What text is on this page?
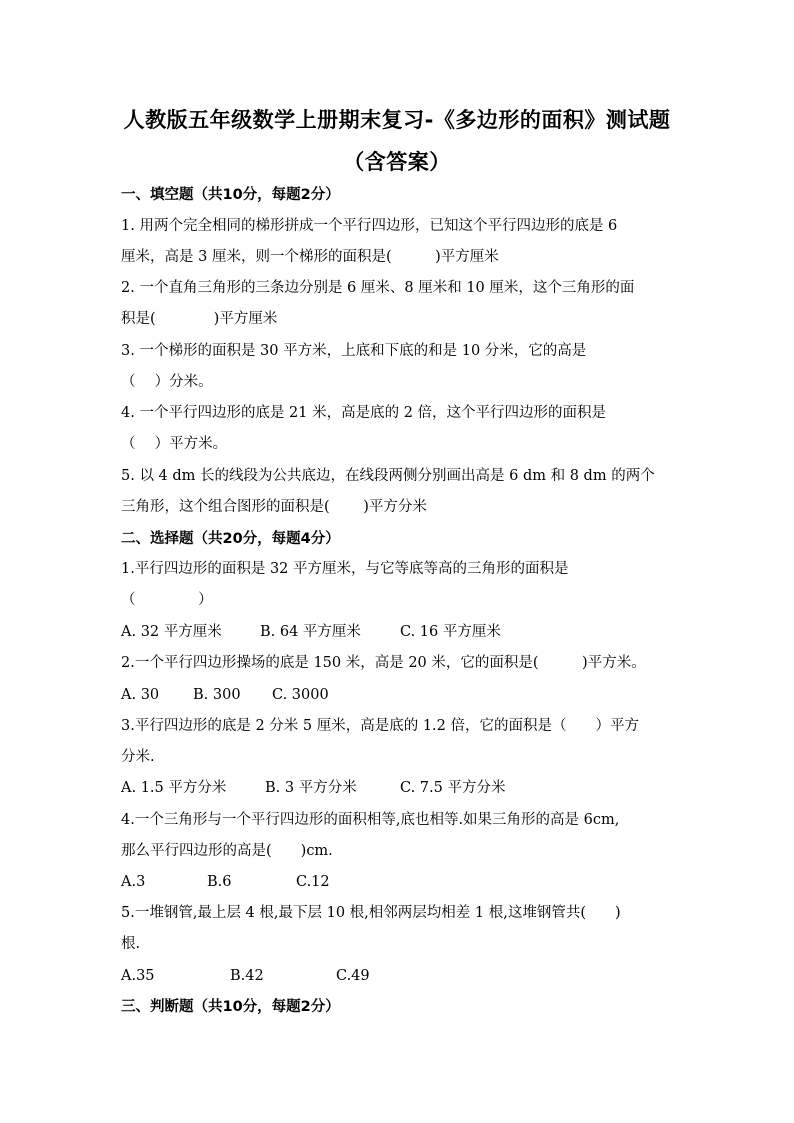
人教版五年级数学上册期末复习-《多边形的面积》测试题
（含答案）
一、填空题（共10分，每题2分）
1. 用两个完全相同的梯形拼成一个平行四边形，已知这个平行四边形的底是 6
厘米，高是 3 厘米，则一个梯形的面积是(　　　)平方厘米
2. 一个直角三角形的三条边分别是 6 厘米、8 厘米和 10 厘米，这个三角形的面
积是(　　　　)平方厘米
3. 一个梯形的面积是 30 平方米，上底和下底的和是 10 分米，它的高是
（　 ）分米。
4. 一个平行四边形的底是 21 米，高是底的 2 倍，这个平行四边形的面积是
（　 ）平方米。
5. 以 4 dm 长的线段为公共底边，在线段两侧分别画出高是 6 dm 和 8 dm 的两个
三角形，这个组合图形的面积是(　　 )平方分米
二、选择题（共20分，每题4分）
1.平行四边形的面积是 32 平方厘米，与它等底等高的三角形的面积是
（　　　　 ）
A. 32 平方厘米	B. 64 平方厘米	C. 16 平方厘米
2.一个平行四边形操场的底是 150 米，高是 20 米，它的面积是(　　　)平方米。
A. 30 B. 300 C. 3000
3.平行四边形的底是 2 分米 5 厘米，高是底的 1.2 倍，它的面积是（　　）平方
分米.
A. 1.5 平方分米	B. 3 平方分米	C. 7.5 平方分米
4.一个三角形与一个平行四边形的面积相等,底也相等.如果三角形的高是 6cm,
那么平行四边形的高是(　　)cm.
A.3	B.6	C.12
5.一堆钢管,最上层 4 根,最下层 10 根,相邻两层均相差 1 根,这堆钢管共(　　)
根.
A.35	B.42	C.49
三、判断题（共10分，每题2分）
